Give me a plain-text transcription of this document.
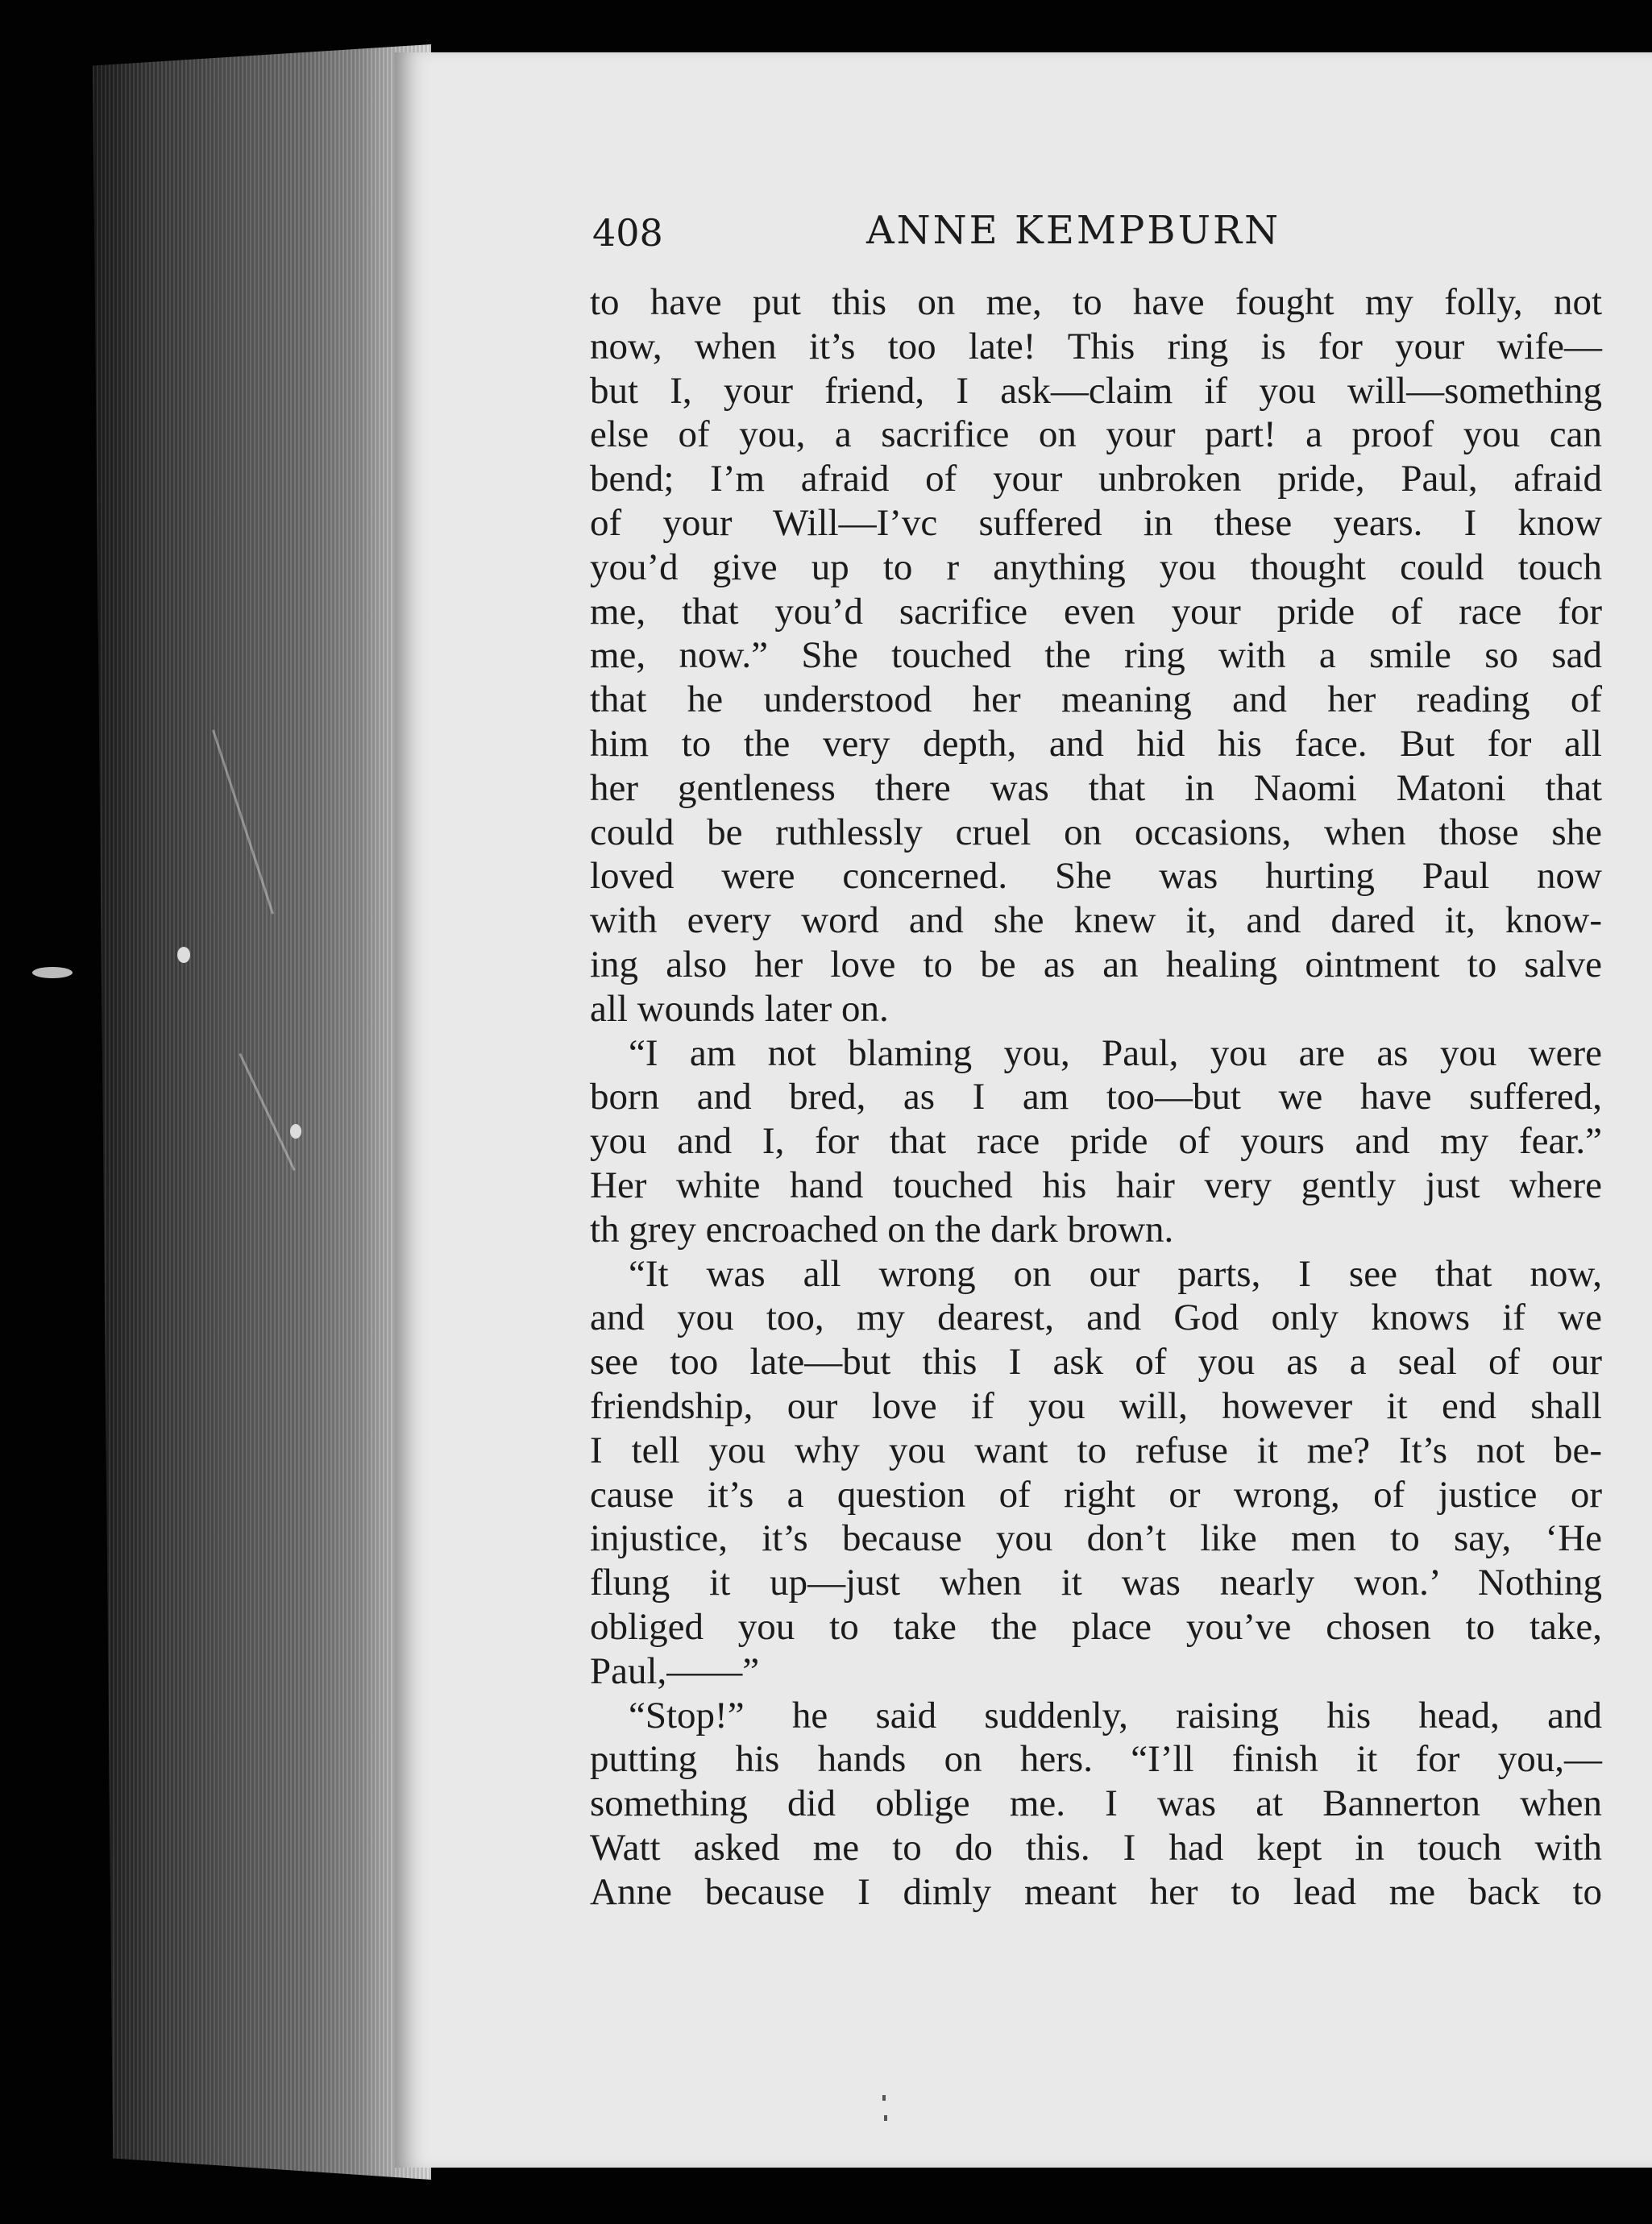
408	ANNE KEMPBURN
to have put this on me, to have fought my folly, not
now, when it’s too late! This ring is for your wife—
but I, your friend, I ask—claim if you will—something
else of you, a sacrifice on your part! a proof you can
bend; I’m afraid of your unbroken pride, Paul, afraid
of your Will—I’vc suffered in these years. I know
you’d give up to r anything you thought could touch
me, that you’d sacrifice even your pride of race for
me, now.” She touched the ring with a smile so sad
that he understood her meaning and her reading of
him to the very depth, and hid his face. But for all
her gentleness there was that in Naomi Matoni that
could be ruthlessly cruel on occasions, when those she
loved were concerned. She was hurting Paul now
with every word and she knew it, and dared it, know-
ing also her love to be as an healing ointment to salve
all wounds later on.
“I am not blaming you, Paul, you are as you were
born and bred, as I am too—but we have suffered,
you and I, for that race pride of yours and my fear.”
Her white hand touched his hair very gently just where
th grey encroached on the dark brown.
“It was all wrong on our parts, I see that now,
and you too, my dearest, and God only knows if we
see too late—but this I ask of you as a seal of our
friendship, our love if you will, however it end shall
I tell you why you want to refuse it me? It’s not be-
cause it’s a question of right or wrong, of justice or
injustice, it’s because you don’t like men to say, ‘He
flung it up—just when it was nearly won.’ Nothing
obliged you to take the place you’ve chosen to take,
Paul,——”
“Stop!” he said suddenly, raising his head, and
putting his hands on hers. “I’ll finish it for you,—
something did oblige me. I was at Bannerton when
Watt asked me to do this. I had kept in touch with
Anne because I dimly meant her to lead me back to
